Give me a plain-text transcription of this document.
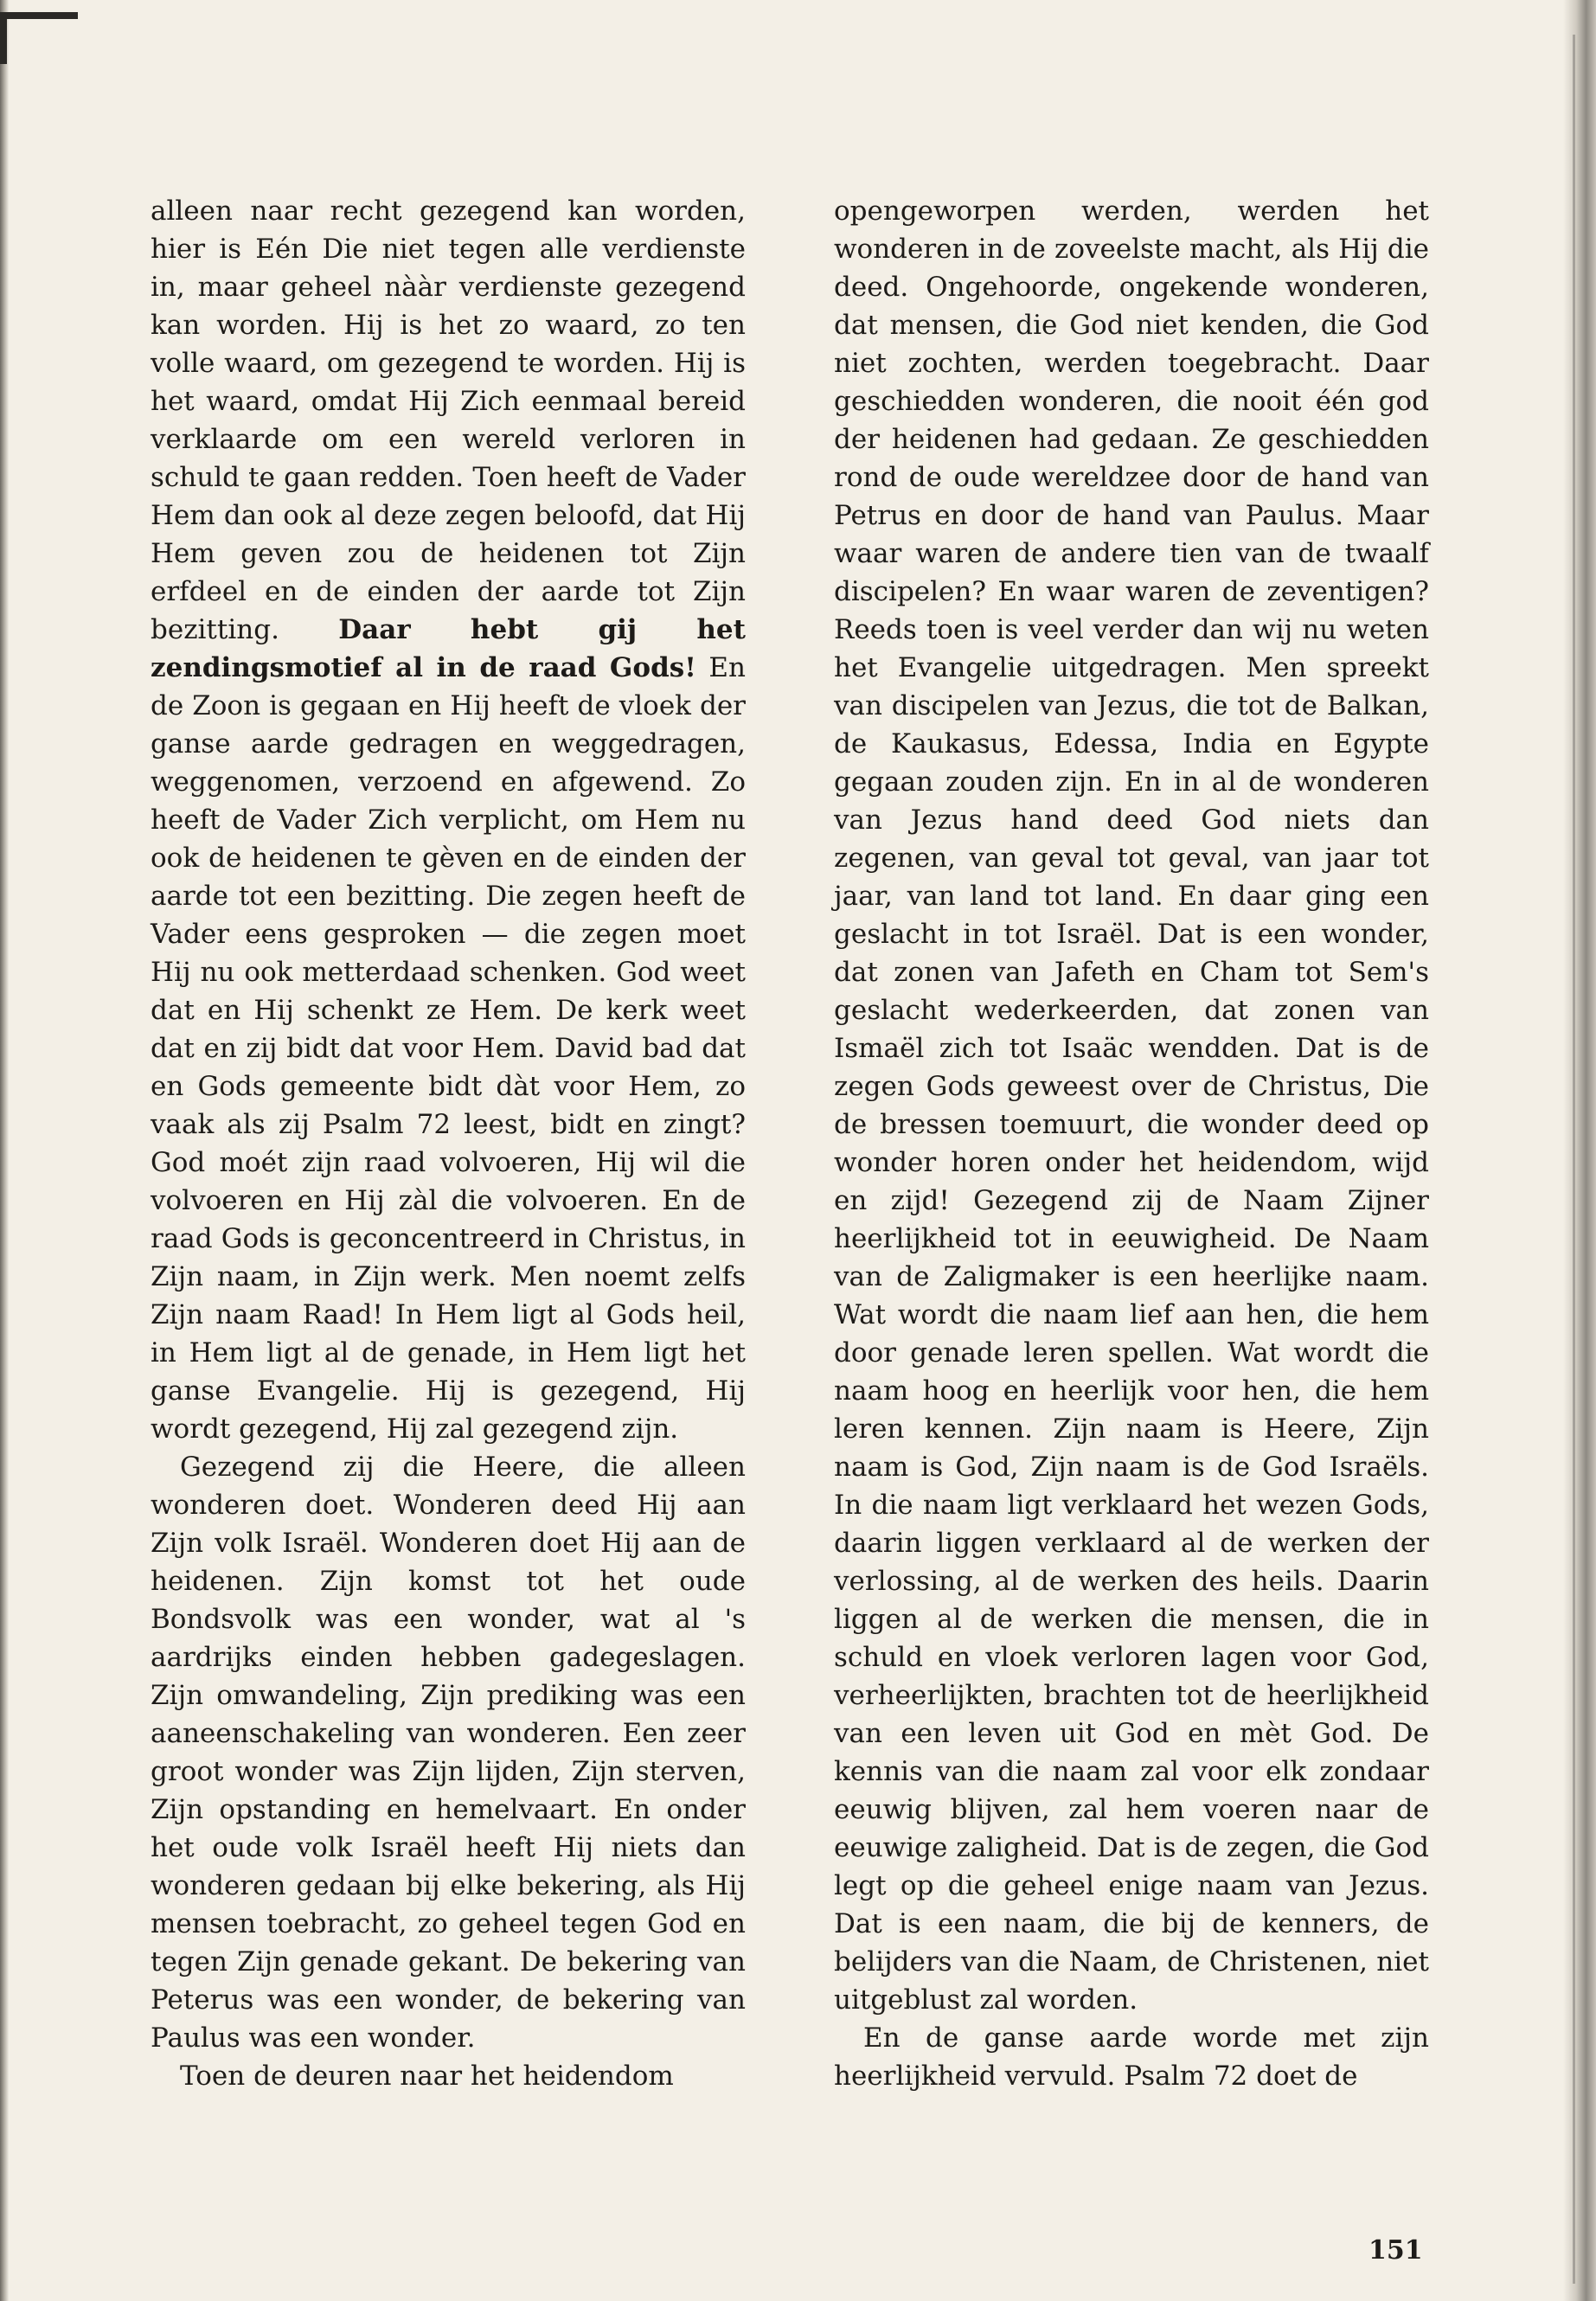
alleen naar recht gezegend kan worden, hier is Eén Die niet tegen alle verdienste in, maar geheel nààr verdienste gezegend kan worden. Hij is het zo waard, zo ten volle waard, om gezegend te worden. Hij is het waard, omdat Hij Zich eenmaal bereid verklaarde om een wereld verloren in schuld te gaan redden. Toen heeft de Vader Hem dan ook al deze zegen beloofd, dat Hij Hem geven zou de heidenen tot Zijn erfdeel en de einden der aarde tot Zijn bezitting. Daar hebt gij het zendingsmotief al in de raad Gods! En de Zoon is gegaan en Hij heeft de vloek der ganse aarde gedragen en weggedragen, weggenomen, verzoend en afgewend. Zo heeft de Vader Zich verplicht, om Hem nu ook de heidenen te gèven en de einden der aarde tot een bezitting. Die zegen heeft de Vader eens gesproken — die zegen moet Hij nu ook metterdaad schenken. God weet dat en Hij schenkt ze Hem. De kerk weet dat en zij bidt dat voor Hem. David bad dat en Gods gemeente bidt dàt voor Hem, zo vaak als zij Psalm 72 leest, bidt en zingt? God moét zijn raad volvoeren, Hij wil die volvoeren en Hij zàl die volvoeren. En de raad Gods is geconcentreerd in Christus, in Zijn naam, in Zijn werk. Men noemt zelfs Zijn naam Raad! In Hem ligt al Gods heil, in Hem ligt al de genade, in Hem ligt het ganse Evangelie. Hij is gezegend, Hij wordt gezegend, Hij zal gezegend zijn.

Gezegend zij die Heere, die alleen wonderen doet. Wonderen deed Hij aan Zijn volk Israël. Wonderen doet Hij aan de heidenen. Zijn komst tot het oude Bondsvolk was een wonder, wat al 's aardrijks einden hebben gadegeslagen. Zijn omwandeling, Zijn prediking was een aaneenschakeling van wonderen. Een zeer groot wonder was Zijn lijden, Zijn sterven, Zijn opstanding en hemelvaart. En onder het oude volk Israël heeft Hij niets dan wonderen gedaan bij elke bekering, als Hij mensen toebracht, zo geheel tegen God en tegen Zijn genade gekant. De bekering van Peterus was een wonder, de bekering van Paulus was een wonder.

Toen de deuren naar het heidendom

opengeworpen werden, werden het wonderen in de zoveelste macht, als Hij die deed. Ongehoorde, ongekende wonderen, dat mensen, die God niet kenden, die God niet zochten, werden toegebracht. Daar geschiedden wonderen, die nooit één god der heidenen had gedaan. Ze geschiedden rond de oude wereldzee door de hand van Petrus en door de hand van Paulus. Maar waar waren de andere tien van de twaalf discipelen? En waar waren de zeventigen? Reeds toen is veel verder dan wij nu weten het Evangelie uitgedragen. Men spreekt van discipelen van Jezus, die tot de Balkan, de Kaukasus, Edessa, India en Egypte gegaan zouden zijn. En in al de wonderen van Jezus hand deed God niets dan zegenen, van geval tot geval, van jaar tot jaar, van land tot land. En daar ging een geslacht in tot Israël. Dat is een wonder, dat zonen van Jafeth en Cham tot Sem's geslacht wederkeerden, dat zonen van Ismaël zich tot Isaäc wendden. Dat is de zegen Gods geweest over de Christus, Die de bressen toemuurt, die wonder deed op wonder horen onder het heidendom, wijd en zijd! Gezegend zij de Naam Zijner heerlijkheid tot in eeuwigheid. De Naam van de Zaligmaker is een heerlijke naam. Wat wordt die naam lief aan hen, die hem door genade leren spellen. Wat wordt die naam hoog en heerlijk voor hen, die hem leren kennen. Zijn naam is Heere, Zijn naam is God, Zijn naam is de God Israëls. In die naam ligt verklaard het wezen Gods, daarin liggen verklaard al de werken der verlossing, al de werken des heils. Daarin liggen al de werken die mensen, die in schuld en vloek verloren lagen voor God, verheerlijkten, brachten tot de heerlijkheid van een leven uit God en mèt God. De kennis van die naam zal voor elk zondaar eeuwig blijven, zal hem voeren naar de eeuwige zaligheid. Dat is de zegen, die God legt op die geheel enige naam van Jezus. Dat is een naam, die bij de kenners, de belijders van die Naam, de Christenen, niet uitgeblust zal worden.

En de ganse aarde worde met zijn heerlijkheid vervuld. Psalm 72 doet de

151
